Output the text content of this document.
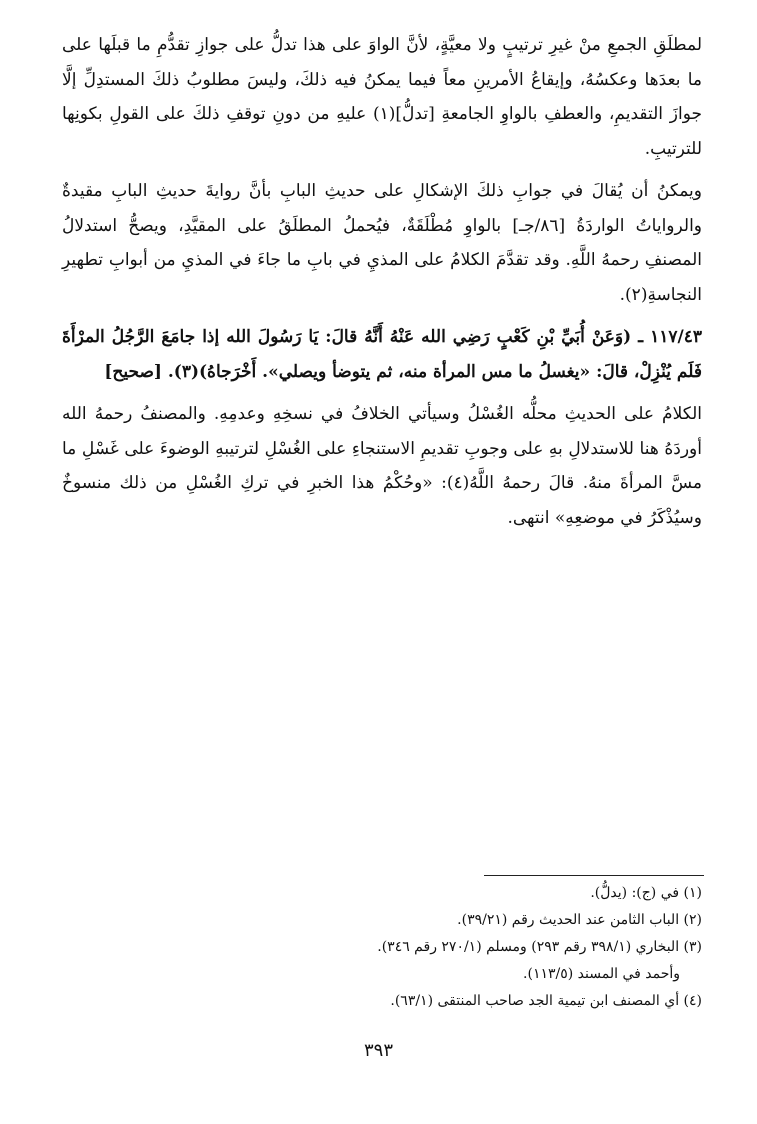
لمطلَقِ الجمعِ منْ غيرِ ترتيبٍ ولا معيَّةٍ، لأنَّ الواوَ على هذا تدلُّ على جوازِ تقدُّمِ ما قبلَها على ما بعدَها وعكسُهُ، وإيقاعُ الأمرينِ معاً فيما يمكنُ فيه ذلكَ، وليسَ مطلوبُ ذلكَ المستدِلِّ إلَّا جوازَ التقديمِ، والعطفِ بالواوِ الجامعةِ [تدلُّ](١) عليهِ من دونِ توقفِ ذلكَ على القولِ بكونِها للترتيبِ.

ويمكنُ أن يُقالَ في جوابِ ذلكَ الإشكالِ على حديثِ البابِ بأنَّ روايةَ حديثِ البابِ مقيدةٌ والرواياتُ الواردَةُ [٨٦/جـ] بالواوِ مُطْلَقَةٌ، فيُحملُ المطلَقُ على المقيَّدِ، ويصحُّ استدلالُ المصنفِ رحمهُ اللَّهِ. وقد تقدَّمَ الكلامُ على المذيِ في بابِ ما جاءَ في المذيِ من أبوابِ تطهيرِ النجاسةِ(٢).

١١٧/٤٣ ـ (وَعَنْ أُبَيِّ بْنِ كَعْبٍ رَضِي الله عَنْهُ أَنَّهُ قالَ: يَا رَسُولَ الله إذا جامَعَ الرَّجُلُ المرْأَةَ فَلَم يُنْزِلْ، قالَ: «يغسلُ ما مس المرأة منه، ثم يتوضأ ويصلي». أَخْرَجاهُ)(٣). [صحيح]

الكلامُ على الحديثِ محلُّه الغُسْلُ وسيأتي الخلافُ في نسخِهِ وعدمِهِ. والمصنفُ رحمهُ الله أوردَهُ هنا للاستدلالِ بهِ على وجوبِ تقديمِ الاستنجاءِ على الغُسْلِ لترتيبهِ الوضوءَ على غَسْلِ ما مسَّ المرأةَ منهُ. قالَ رحمهُ اللَّهُ(٤): «وحُكْمُ هذا الخبرِ في تركِ الغُسْلِ من ذلك منسوخٌ وسيُذْكَرُ في موضعِهِ» انتهى.

(١) في (ج): (يدلُّ).

(٢) الباب الثامن عند الحديث رقم (٣٩/٢١).

(٣) البخاري (٣٩٨/١ رقم ٢٩٣) ومسلم (٢٧٠/١ رقم ٣٤٦).

وأحمد في المسند (١١٣/٥).

(٤) أي المصنف ابن تيمية الجد صاحب المنتقى (٦٣/١).

٣٩٣
